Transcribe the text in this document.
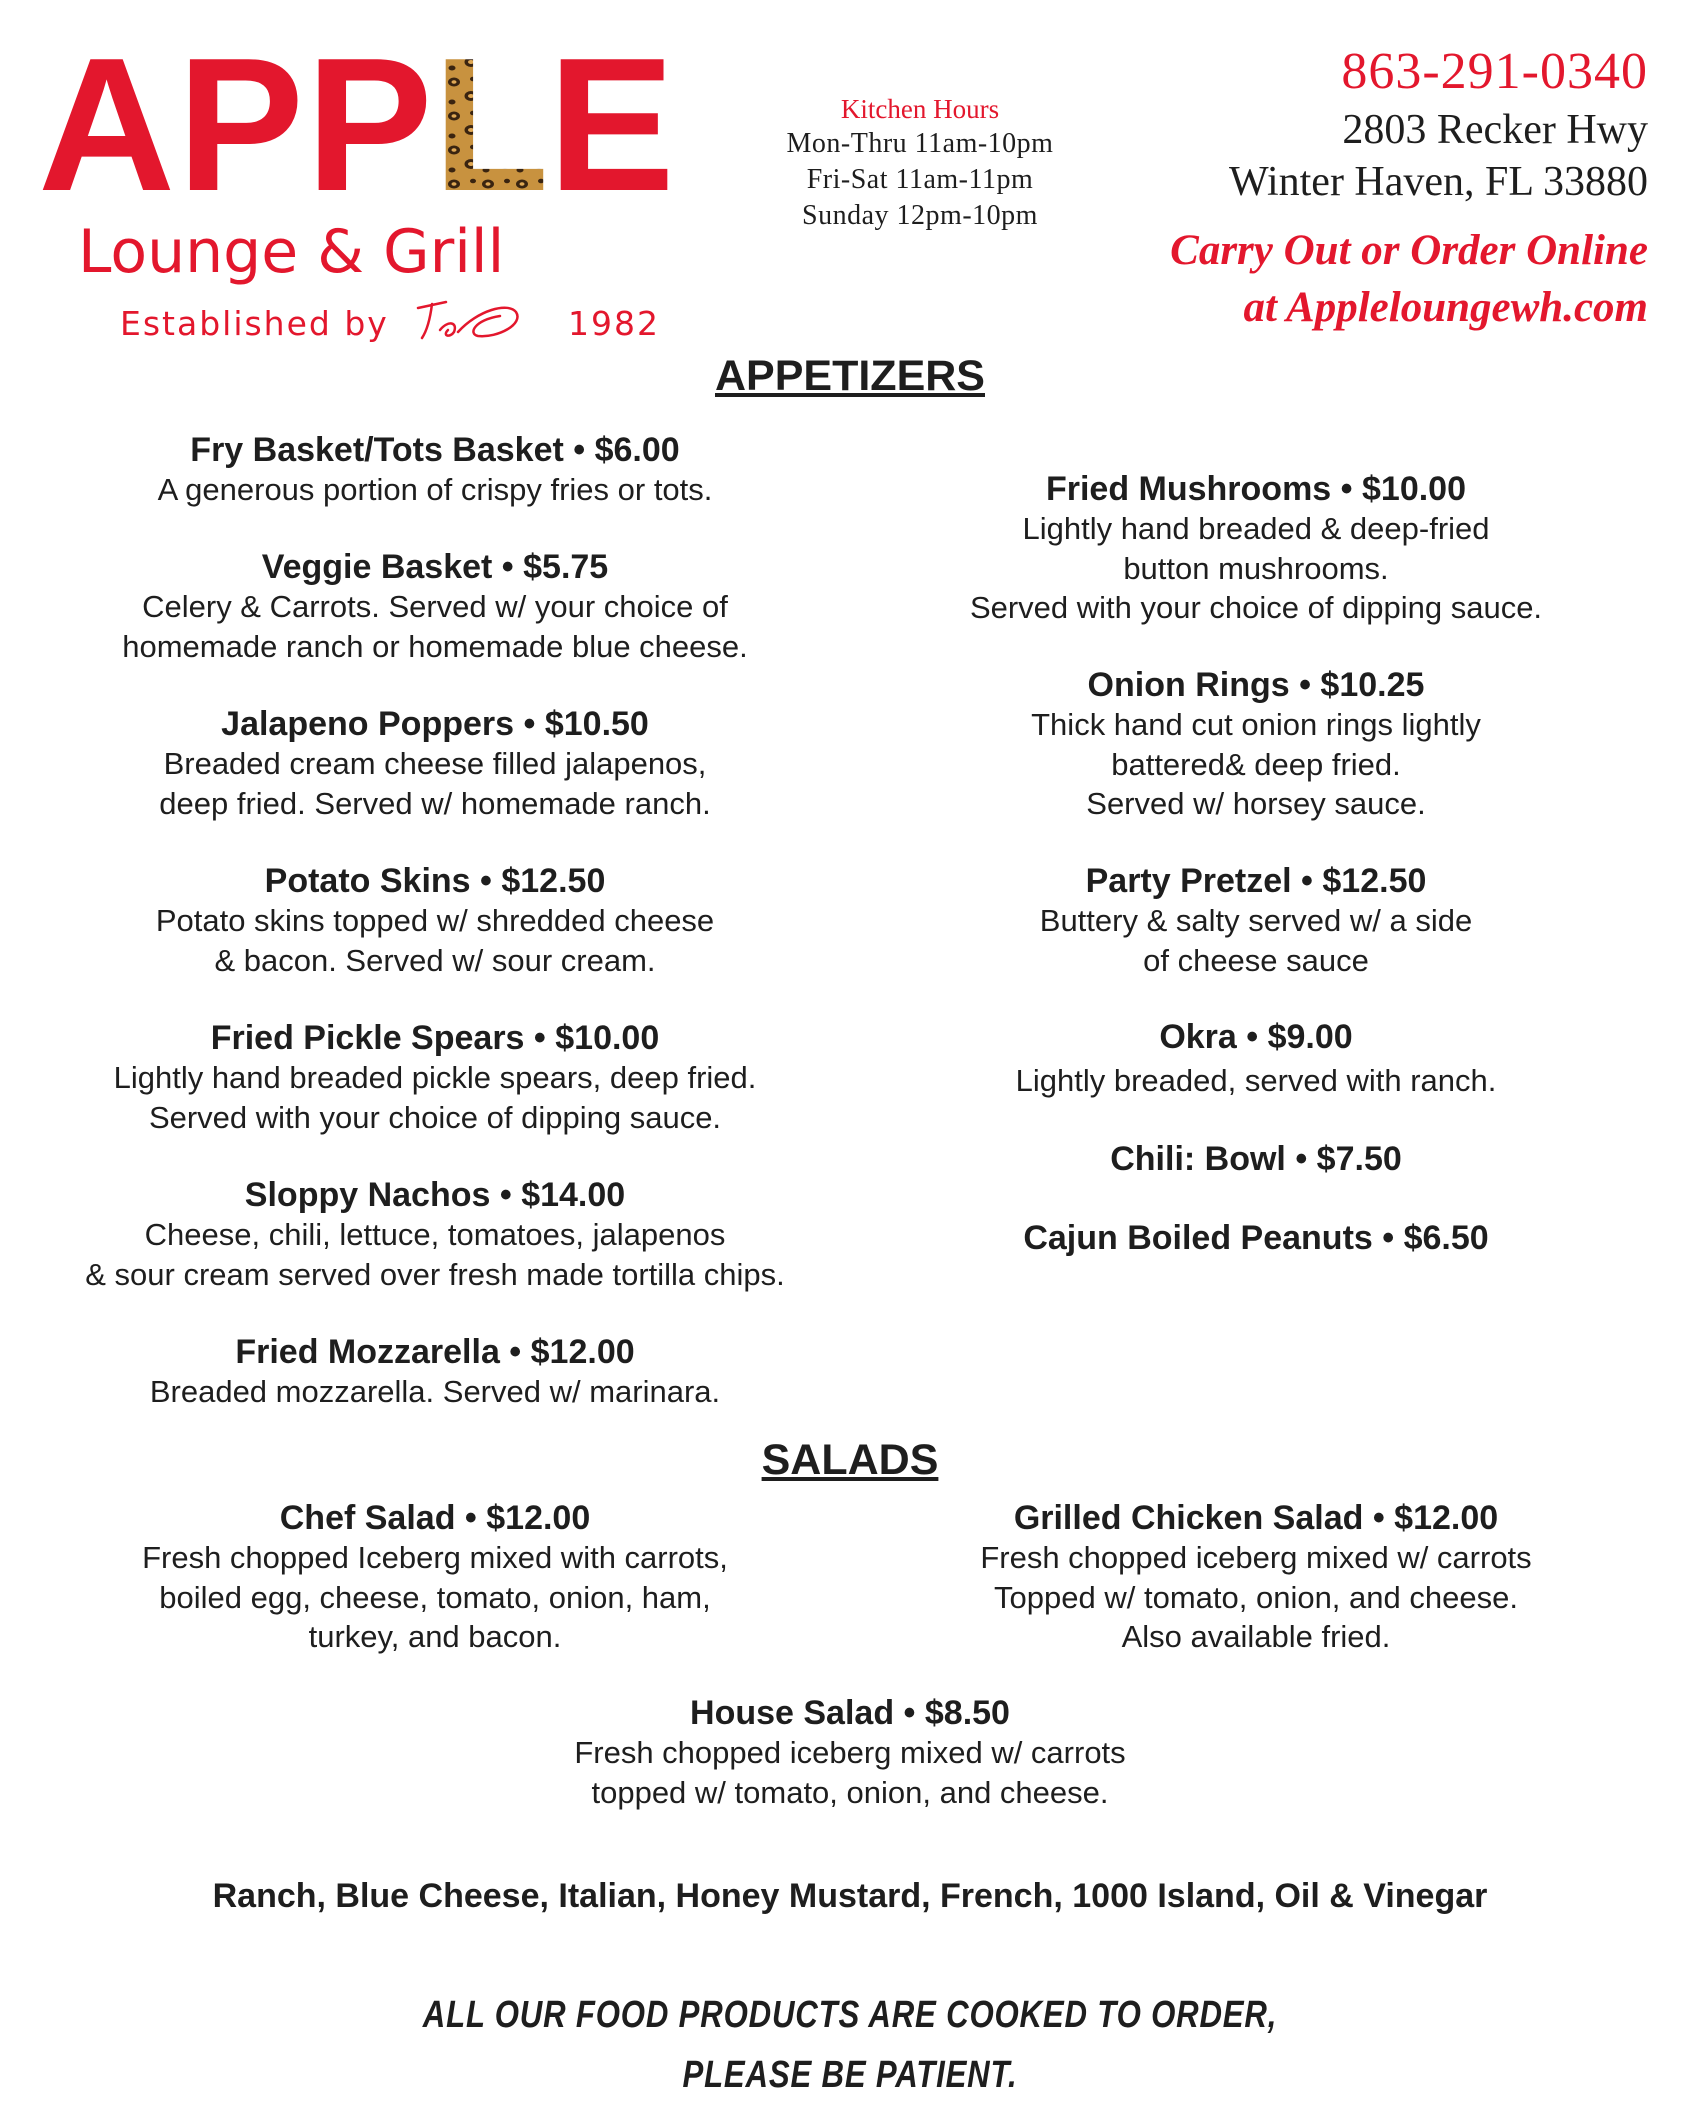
APP
L
E
Lounge & Grill
Established by	1982
Kitchen Hours
Mon-Thru 11am-10pm
Fri-Sat 11am-11pm
Sunday 12pm-10pm
863-291-0340
2803 Recker Hwy
Winter Haven, FL 33880
Carry Out or Order Online
at Appleloungewh.com
APPETIZERS
Fry Basket/Tots Basket • $6.00
A generous portion of crispy fries or tots.
Veggie Basket • $5.75
Celery & Carrots. Served w/ your choice of
homemade ranch or homemade blue cheese.
Jalapeno Poppers • $10.50
Breaded cream cheese filled jalapenos,
deep fried. Served w/ homemade ranch.
Potato Skins • $12.50
Potato skins topped w/ shredded cheese
& bacon. Served w/ sour cream.
Fried Pickle Spears • $10.00
Lightly hand breaded pickle spears, deep fried.
Served with your choice of dipping sauce.
Sloppy Nachos • $14.00
Cheese, chili, lettuce, tomatoes, jalapenos
& sour cream served over fresh made tortilla chips.
Fried Mozzarella • $12.00
Breaded mozzarella. Served w/ marinara.
Fried Mushrooms • $10.00
Lightly hand breaded & deep-fried
button mushrooms.
Served with your choice of dipping sauce.
Onion Rings • $10.25
Thick hand cut onion rings lightly
battered& deep fried.
Served w/ horsey sauce.
Party Pretzel • $12.50
Buttery & salty served w/ a side
of cheese sauce
Okra • $9.00
Lightly breaded, served with ranch.
Chili: Bowl • $7.50
Cajun Boiled Peanuts • $6.50
SALADS
Chef Salad • $12.00
Fresh chopped Iceberg mixed with carrots,
boiled egg, cheese, tomato, onion, ham,
turkey, and bacon.
Grilled Chicken Salad • $12.00
Fresh chopped iceberg mixed w/ carrots
Topped w/ tomato, onion, and cheese.
Also available fried.
House Salad • $8.50
Fresh chopped iceberg mixed w/ carrots
topped w/ tomato, onion, and cheese.
Ranch, Blue Cheese, Italian, Honey Mustard, French, 1000 Island, Oil & Vinegar
ALL OUR FOOD PRODUCTS ARE COOKED TO ORDER,
PLEASE BE PATIENT.
